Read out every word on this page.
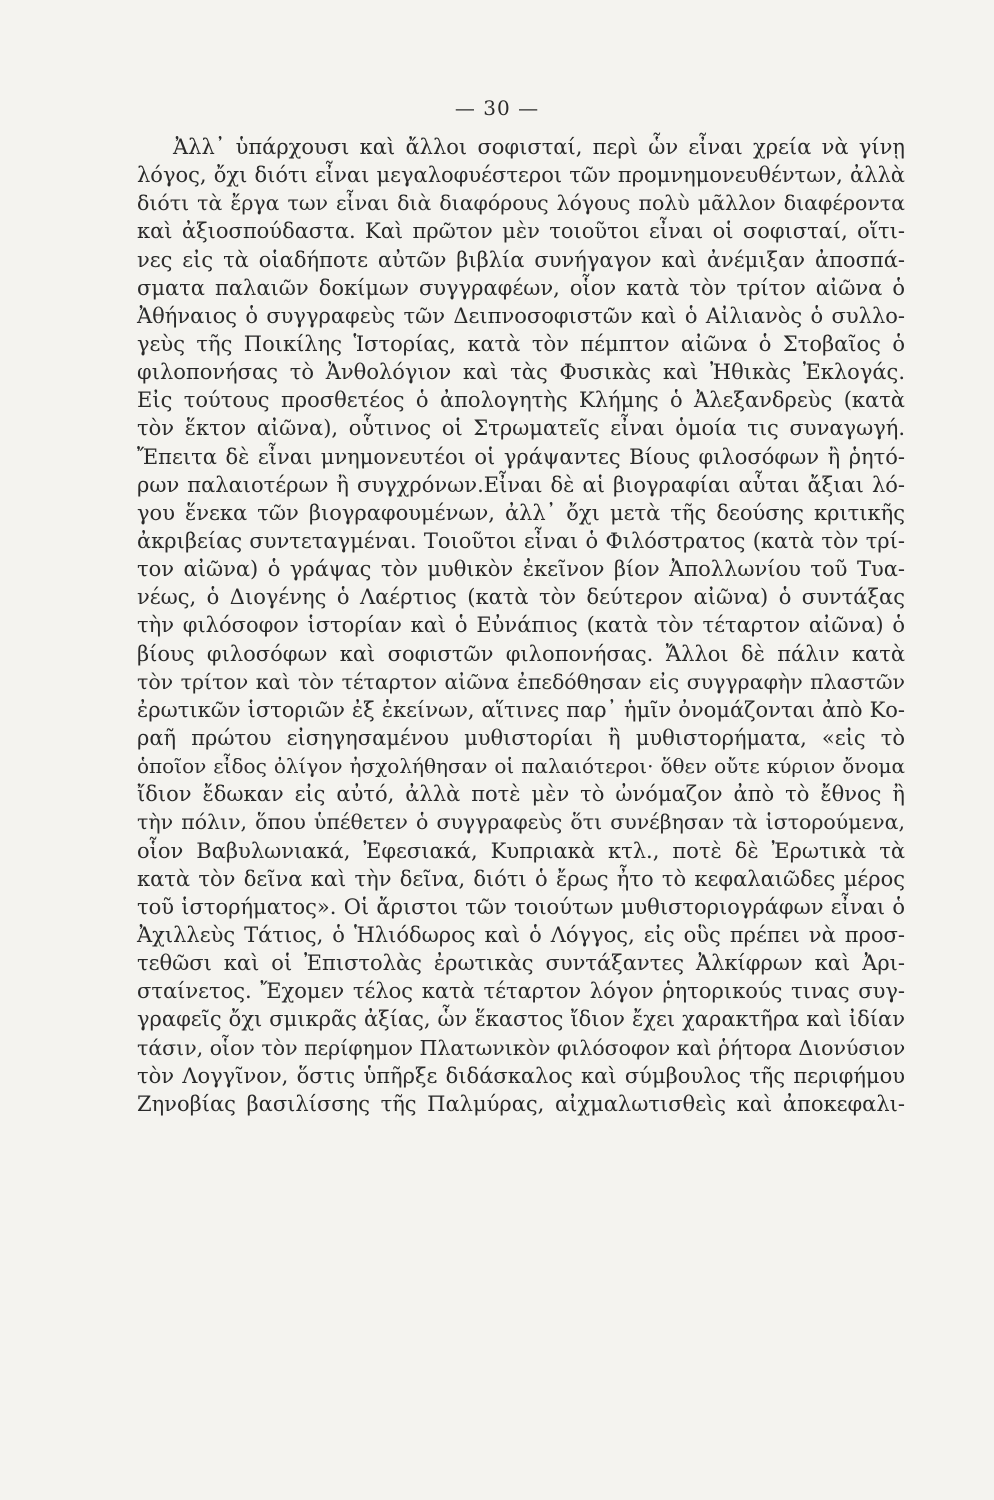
— 30 —
Ἀλλ᾽ ὑπάρχουσι καὶ ἄλλοι σοφισταί, περὶ ὧν εἶναι χρεία νὰ γίνῃ
λόγος, ὄχι διότι εἶναι μεγαλοφυέστεροι τῶν προμνημονευθέντων, ἀλλὰ
διότι τὰ ἔργα των εἶναι διὰ διαφόρους λόγους πολὺ μᾶλλον διαφέροντα
καὶ ἀξιοσπούδαστα. Καὶ πρῶτον μὲν τοιοῦτοι εἶναι οἱ σοφισταί, οἵτι-
νες εἰς τὰ οἱαδήποτε αὐτῶν βιβλία συνήγαγον καὶ ἀνέμιξαν ἀποσπά-
σματα παλαιῶν δοκίμων συγγραφέων, οἷον κατὰ τὸν τρίτον αἰῶνα ὁ
Ἀθήναιος ὁ συγγραφεὺς τῶν Δειπνοσοφιστῶν καὶ ὁ Αἰλιανὸς ὁ συλλο-
γεὺς τῆς Ποικίλης Ἱστορίας, κατὰ τὸν πέμπτον αἰῶνα ὁ Στοβαῖος ὁ
φιλοπονήσας τὸ Ἀνθολόγιον καὶ τὰς Φυσικὰς καὶ Ἠθικὰς Ἐκλογάς.
Εἰς τούτους προσθετέος ὁ ἀπολογητὴς Κλήμης ὁ Ἀλεξανδρεὺς (κατὰ
τὸν ἕκτον αἰῶνα), οὗτινος οἱ Στρωματεῖς εἶναι ὁμοία τις συναγωγή.
Ἔπειτα δὲ εἶναι μνημονευτέοι οἱ γράψαντες Βίους φιλοσόφων ἢ ῥητό-
ρων παλαιοτέρων ἢ συγχρόνων.Εἶναι δὲ αἱ βιογραφίαι αὗται ἄξιαι λό-
γου ἕνεκα τῶν βιογραφουμένων, ἀλλ᾽ ὄχι μετὰ τῆς δεούσης κριτικῆς
ἀκριβείας συντεταγμέναι. Τοιοῦτοι εἶναι ὁ Φιλόστρατος (κατὰ τὸν τρί-
τον αἰῶνα) ὁ γράψας τὸν μυθικὸν ἐκεῖνον βίον Ἀπολλωνίου τοῦ Τυα-
νέως, ὁ Διογένης ὁ Λαέρτιος (κατὰ τὸν δεύτερον αἰῶνα) ὁ συντάξας
τὴν φιλόσοφον ἱστορίαν καὶ ὁ Εὐνάπιος (κατὰ τὸν τέταρτον αἰῶνα) ὁ
βίους φιλοσόφων καὶ σοφιστῶν φιλοπονήσας. Ἄλλοι δὲ πάλιν κατὰ
τὸν τρίτον καὶ τὸν τέταρτον αἰῶνα ἐπεδόθησαν εἰς συγγραφὴν πλαστῶν
ἐρωτικῶν ἱστοριῶν ἐξ ἐκείνων, αἵτινες παρ᾽ ἡμῖν ὀνομάζονται ἀπὸ Κο-
ραῆ πρώτου εἰσηγησαμένου μυθιστορίαι ἢ μυθιστορήματα, «εἰς τὸ
ὁποῖον εἶδος ὀλίγον ἠσχολήθησαν οἱ παλαιότεροι· ὅθεν οὔτε κύριον ὄνομα
ἴδιον ἔδωκαν εἰς αὐτό, ἀλλὰ ποτὲ μὲν τὸ ὠνόμαζον ἀπὸ τὸ ἔθνος ἢ
τὴν πόλιν, ὅπου ὑπέθετεν ὁ συγγραφεὺς ὅτι συνέβησαν τὰ ἱστορούμενα,
οἷον Βαβυλωνιακά, Ἐφεσιακά, Κυπριακὰ κτλ., ποτὲ δὲ Ἐρωτικὰ τὰ
κατὰ τὸν δεῖνα καὶ τὴν δεῖνα, διότι ὁ ἔρως ἦτο τὸ κεφαλαιῶδες μέρος
τοῦ ἱστορήματος». Οἱ ἄριστοι τῶν τοιούτων μυθιστοριογράφων εἶναι ὁ
Ἀχιλλεὺς Τάτιος, ὁ Ἡλιόδωρος καὶ ὁ Λόγγος, εἰς οὓς πρέπει νὰ προσ-
τεθῶσι καὶ οἱ Ἐπιστολὰς ἐρωτικὰς συντάξαντες Ἀλκίφρων καὶ Ἀρι-
σταίνετος. Ἔχομεν τέλος κατὰ τέταρτον λόγον ῥητορικούς τινας συγ-
γραφεῖς ὄχι σμικρᾶς ἀξίας, ὧν ἕκαστος ἴδιον ἔχει χαρακτῆρα καὶ ἰδίαν
τάσιν, οἷον τὸν περίφημον Πλατωνικὸν φιλόσοφον καὶ ῥήτορα Διονύσιον
τὸν Λογγῖνον, ὅστις ὑπῆρξε διδάσκαλος καὶ σύμβουλος τῆς περιφήμου
Ζηνοβίας βασιλίσσης τῆς Παλμύρας, αἰχμαλωτισθεὶς καὶ ἀποκεφαλι-
